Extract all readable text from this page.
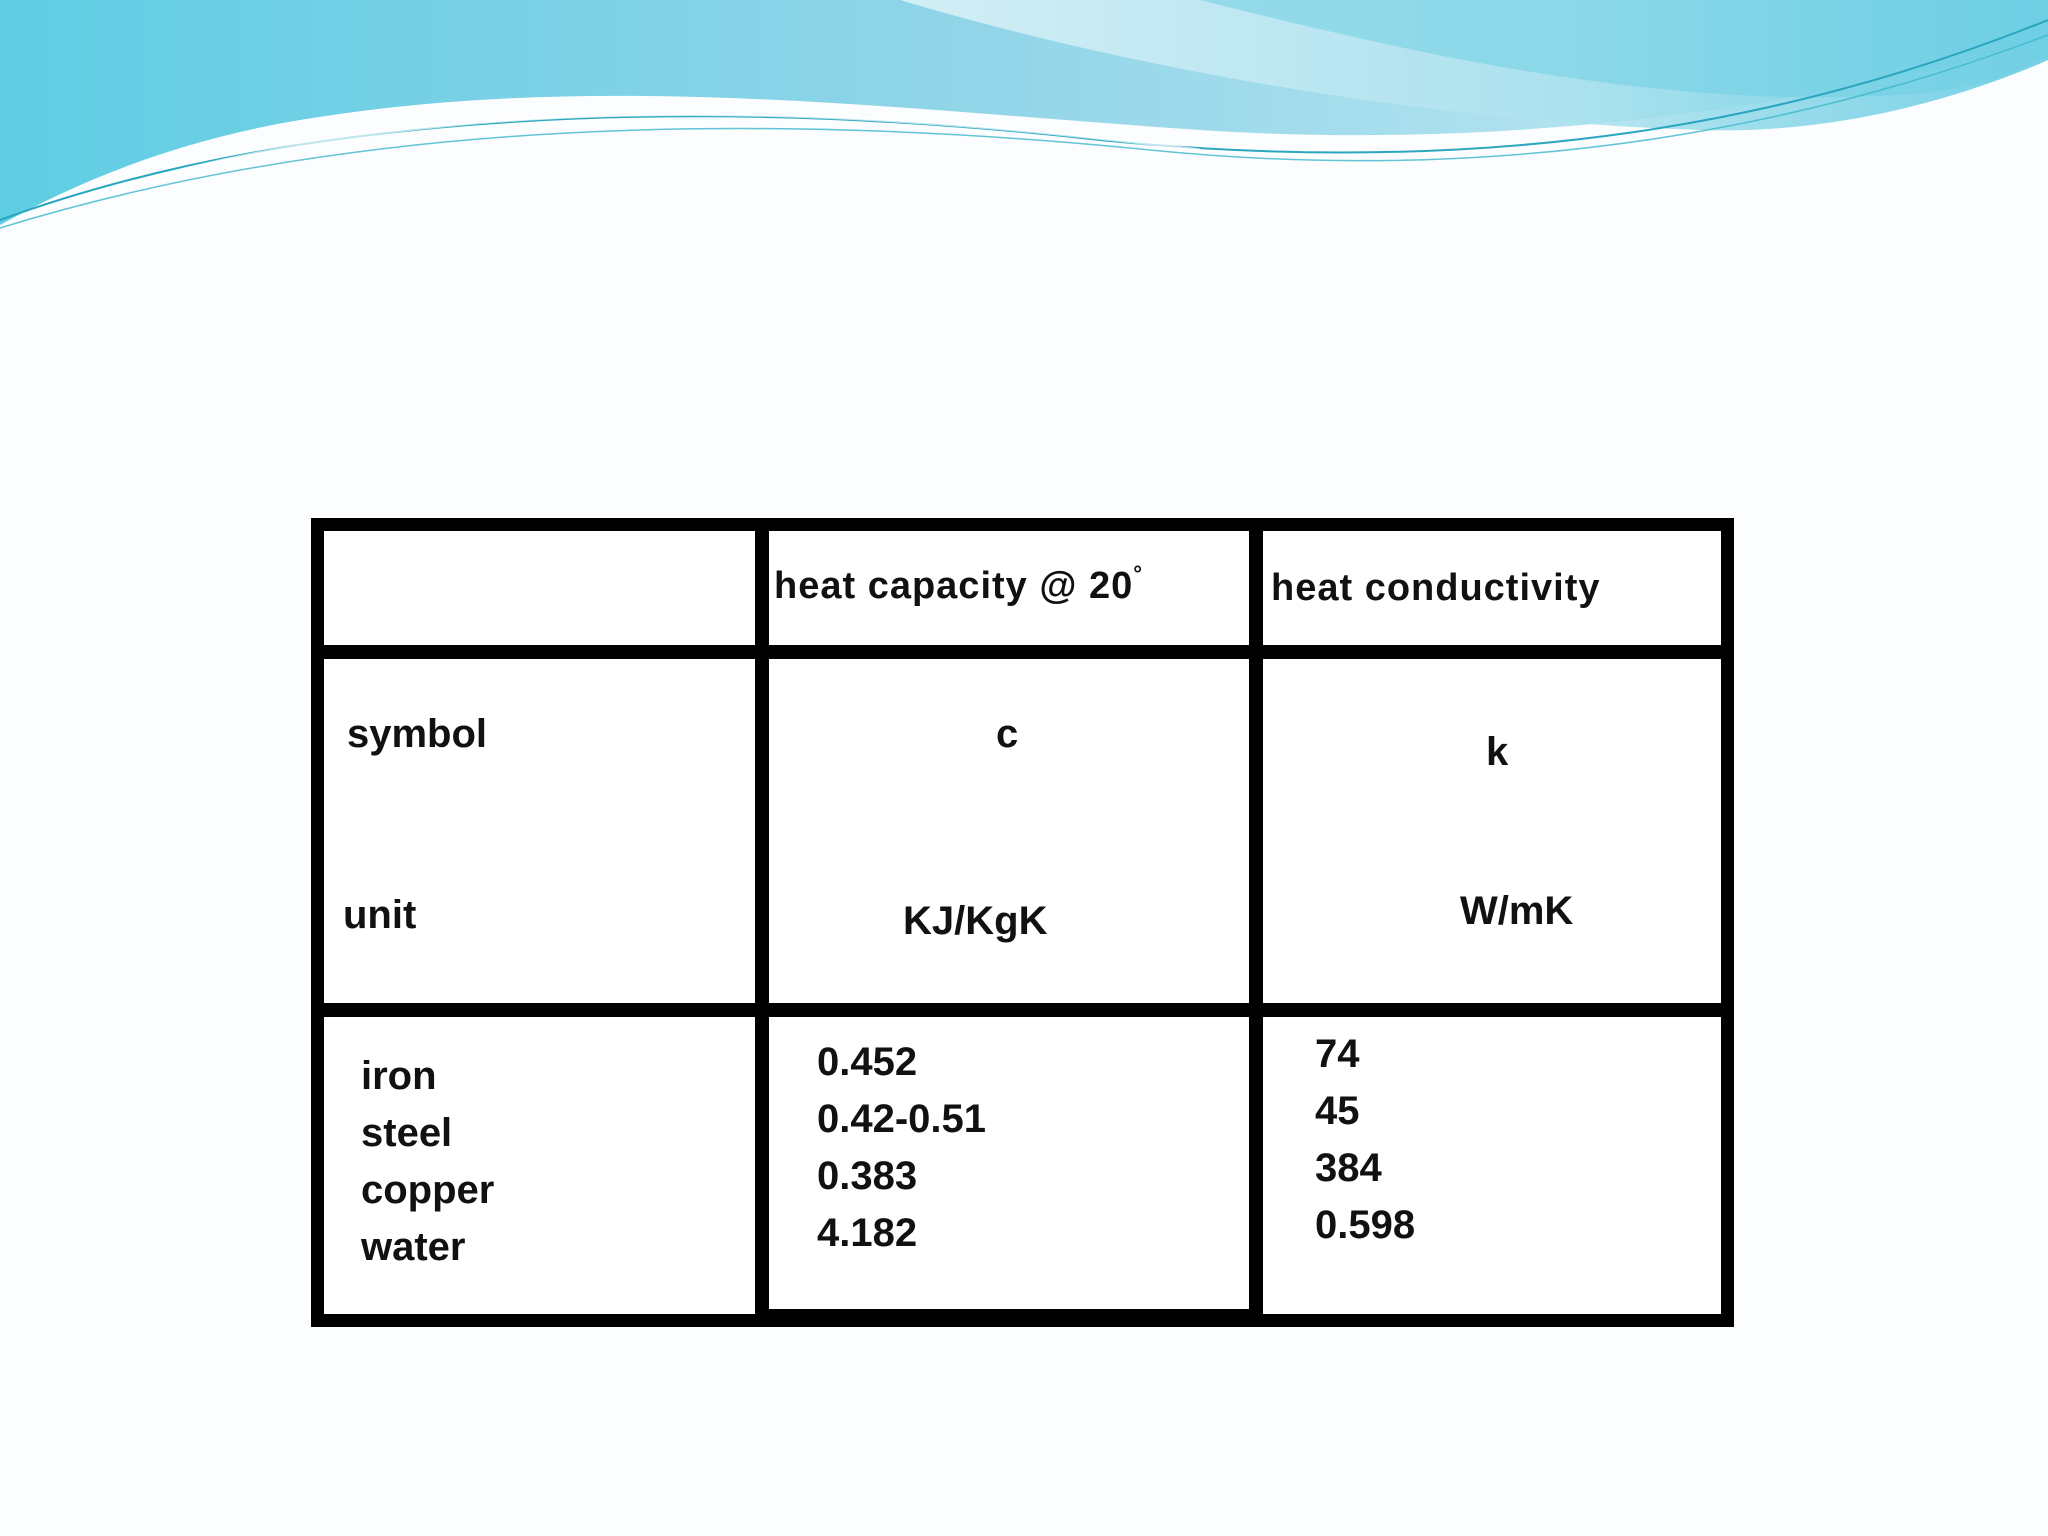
heat capacity @ 20°	heat conductivity
symbol
unit
c
KJ/KgK
k
W/mK
iron
steel
copper
water
0.452
0.42-0.51
0.383
4.182
74
45
384
0.598
